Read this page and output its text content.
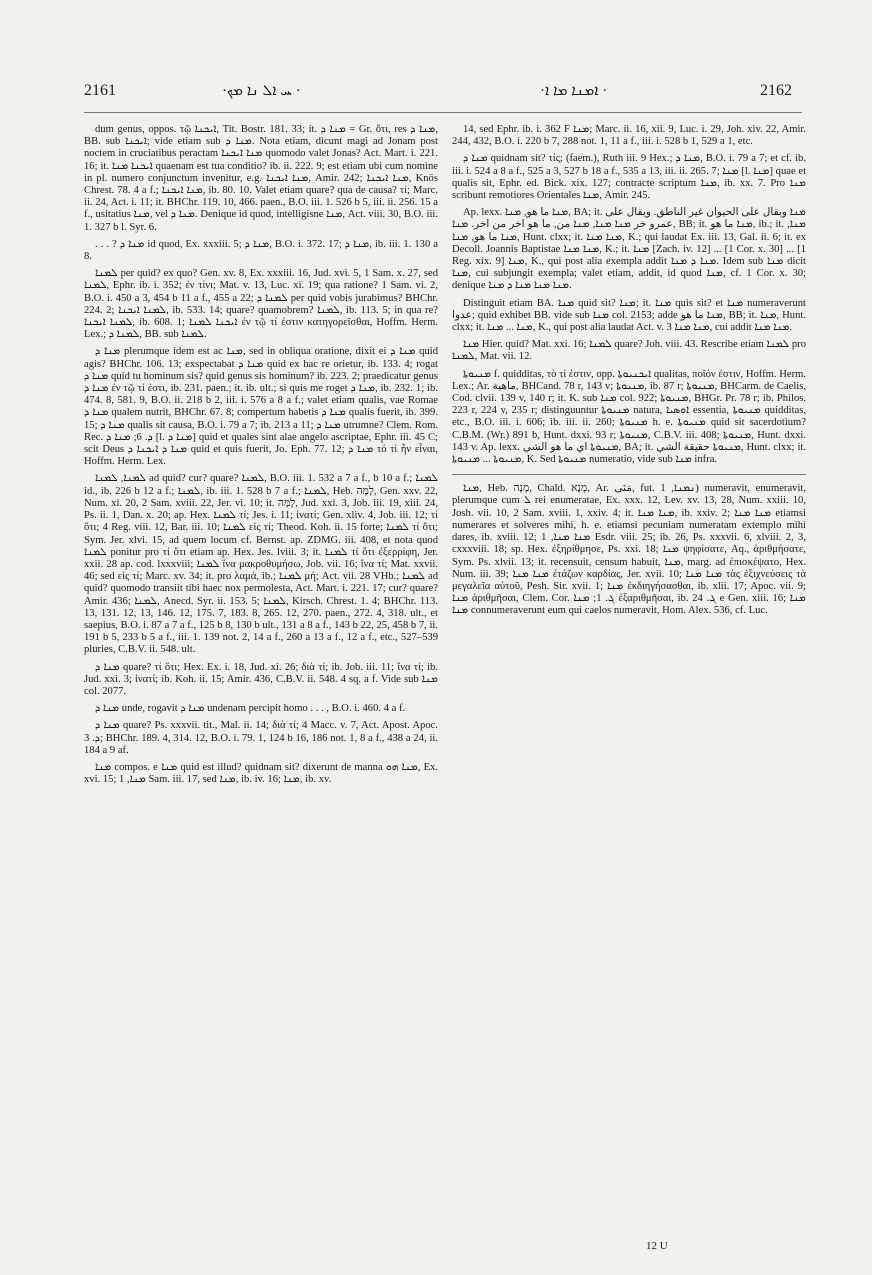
2161	·ܚ ܐܠ ܢܐ ܡܟ ·	·ܐܡܢܐ ܡܐ ܐ ·	2162

dum genus, oppos. τῷ ܐܝܟܢܐ, Tit. Bostr. 181. 33; it. ܡܢܐ ܕ = Gr. ὅτι, res ܡܢܐ ܕ, BB. sub ܐܝܟܢܐ; vide etiam sub ܡܢܐ ܕ. Nota etiam, dicunt magi ad Jonam post noctem in cruciatibus peractam ܡܢܐ ܐܝܟܢܐ quomodo valet Jonas? Act. Mart. i. 221. 16; it. ܐܝܟܢܐ ܡܢܐ quaenam est tua conditio? ib. ii. 222. 9; est etiam ubi cum nomine in pl. numero conjunctum invenitur, e.g. ܡܢܐ ܐܝܟܢܐ, Amir. 242; ܡܢܐ ܐܝܟܢܐ, Knös Chrest. 78. 4 a f.; ܡܢܐ ܐܝܟܢܐ, ib. 80. 10. Valet etiam quare? qua de causa? τί; Marc. ii. 24, Act. i. 11; it. BHChr. 119. 10, 466. paen., B.O. iii. 1. 526 b 5, iii. ii. 256. 15 a f., usitatius ܡܢܐ, vel ܡܢܐ ܕ. Denique id quod, intelligisne ܡܢܐ, Act. viii. 30, B.O. iii. 1. 327 b l. Syr. 6.

. . . ? ܡܢܐ ܕ id quod, Ex. xxxiii. 5; ܡܢܐ ܕ, B.O. i. 372. 17; ܡܢܐ ܕ, ib. iii. 1. 130 a 8.

ܠܡܢܐ per quid? ex quo? Gen. xv. 8, Ex. xxxiii. 16, Jud. xvi. 5, 1 Sam. x. 27, sed ܠܡܢܐ, Ephr. ib. i. 352; ἐν τίνι; Mat. v. 13, Luc. xi. 19; qua ratione? 1 Sam. vi. 2, B.O. i. 450 a 3, 454 b 11 a f., 455 a 22; ܠܡܢܐ ܕ per quid vobis jurabimus? BHChr. 224. 2; ܠܡܢܐ ܐܝܟܢܐ, ib. 533. 14; quare? quamobrem? ܠܡܢܐ, ib. 113. 5; in qua re? ܠܡܢܐ ܐܝܟܢܐ, ib. 608. 1; ܐܝܟܢܐ ܠܡܢܐ ἐν τῷ τί ἐστιν κατηγορεῖσθαι, Hoffm. Herm. Lex.; ܠܡܢܐ ܕ, BB. sub ܠܡܢܐ.

ܡܢܐ ܕ plerumque idem est ac ܡܢܐ, sed in obliqua oratione, dixit ei ܡܢܐ ܕ quid agis? BHChr. 106. 13; exspectabat ܡܢܐ ܕ quid ex hac re orietur, ib. 133. 4; rogat ܡܢܐ ܕ quid tu hominum sis? quid genus sis hominum? ib. 223. 2; praedicatur genus ܡܢܐ ܕ ἐν τῷ τί ἐστι, ib. 231. paen.; it. ib. ult.; si quis me roget ܡܢܐ ܕ, ib. 232. 1; ib. 474. 8, 581. 9, B.O. ii. 218 b 2, iii. i. 576 a 8 a f.; valet etiam qualis, vae Romae ܡܢܐ ܕ qualem nutrit, BHChr. 67. 8; compertum habetis ܡܢܐ ܕ qualis fuerit, ib. 399. 15; ܡܢܐ ܕ qualis sit causa, B.O. i. 79 a 7; ib. 213 a 11; ܡܢܐ ܕ utrumne? Clem. Rom. Rec. ܕ. 6; ܡܢܐ ܕ [l. ܡܢܐ ܕ] quid et quales sint alae angelo ascriptae, Ephr. iii. 45 C; scit Deus ܡܢܐ ܕ ܐܝܟܢܐ ܕ quid et quis fuerit, Jo. Eph. 77. 12; ܡܢܐ ܕ τό τί ἦν εἶναι, Hoffm. Herm. Lex.

ܠܡܢܐ, ܠܡܢܐ ad quid? cur? quare? ܠܡܢܐ, B.O. iii. 1. 532 a 7 a f., b 10 a f.; ܠܡܢܐ id., ib. 226 b 12 a f.; ܠܡܢܐ, ib. iii. 1. 528 b 7 a f.; ܠܡܢܐ, Heb. לָמָּה, Gen. xxv. 22, Num. xi. 20, 2 Sam. xviii. 22, Jer. vi. 10; it. לָמָּה, Jud. xxi. 3, Job. iii. 19, xiii. 24, Ps. ii. 1, Dan. x. 20; ap. Hex. ܠܡܢܐ τί; Jes. i. 11; ἱνατί; Gen. xliv. 4, Job. iii. 12; τί ὅτι; 4 Reg. viii. 12, Bar. iii. 10; ܠܡܢܐ εἰς τί; Theod. Koh. ii. 15 forte; ܠܡܢܐ τί ὅτι; Sym. Jer. xlvi. 15, ad quem locum cf. Bernst. ap. ZDMG. iii. 408, et nota quod ܠܡܢܐ ponitur pro τί ὅτι etiam ap. Hex. Jes. lviii. 3; it. ܠܡܢܐ τί ὅτι ἐξερρίφη, Jer. xxii. 28 ap. cod. lxxxviii; ܠܡܢܐ ἵνα μακροθυμήσω, Job. vii. 16; ἵνα τί; Mat. xxvii. 46; sed εἰς τί; Marc. xv. 34; it. pro λαμά, ib.; ܠܡܢܐ μή; Act. vii. 28 VHb.; ܠܡܢܐ ad quid? quomodo transiit tibi haec nox permolesta, Act. Mart. i. 221. 17; cur? quare? Amir. 436; ܠܡܢܐ, Anecd. Syr. ii. 153. 5; ܠܡܢܐ, Kirsch. Chrest. 1. 4; BHChr. 113. 13, 131. 12, 13, 146. 12, 175. 7, 183. 8, 265. 12, 270. paen., 272. 4, 318. ult., et saepius, B.O. i. 87 a 7 a f., 125 b 8, 130 b ult., 131 a 8 a f., 143 b 22, 25, 458 b 7, ii. 191 b 5, 233 b 5 a f., iii. 1. 139 not. 2, 14 a f., 260 a 13 a f., 12 a f., etc., 527–539 pluries, C.B.V. ii. 548. ult.

ܡܢܐ ܕ quare? τί ὅτι; Hex. Ex. i. 18, Jud. xi. 26; διὰ τί; ib. Job. iii. 11; ἵνα τί; ib. Jud. xxi. 3; ἱνατί; ib. Koh. ii. 15; Amir. 436, C.B.V. ii. 548. 4 sq. a f. Vide sub ܡܢܐ col. 2077.

ܡܢܐ ܕ unde, rogavit ܡܢܐ ܕ undenam percipit homo . . . , B.O. i. 460. 4 a f.

ܡܢܐ ܕ quare? Ps. xxxvii. tit., Mal. ii. 14; διὰ τί; 4 Macc. v. 7, Act. Apost. Apoc. ܕ. 3; BHChr. 189. 4, 314. 12, B.O. i. 79. 1, 124 b 16, 186 not. 1, 8 a f., 438 a 24, ii. 184 a 9 af.

ܡܢܐ compos. e ܡܢܐ quid est illud? quidnam sit? dixerunt de manna ܡܢܐ ܗܘ, Ex. xvi. 15; ܡܢܐ, 1 Sam. iii. 17, sed ܡܢܐ, ib. iv. 16; ܡܢܐ, ib. xv.

14, sed Ephr. ib. i. 362 F ܡܢܐ; Marc. ii. 16, xii. 9, Luc. i. 29, Joh. xiv. 22, Amir. 244, 432, B.O. i. 220 b 7, 288 not. 1, 11 a f., iii. i. 528 b 1, 529 a 1, etc.

ܡܢܐ ܕ quidnam sit? τίς; (faem.), Ruth iii. 9 Hex.; ܡܢܐ ܕ, B.O. i. 79 a 7; et cf. ib. iii. i. 524 a 8 a f., 525 a 3, 527 b 18 a f., 535 a 13, iii. ii. 265. 7; ܡܢܐ [l. ܡܢܐ] quae et qualis sit, Ephr. ed. Bick. xix. 127; contracte scriptum ܡܢܐ, ib. xx. 7. Pro ܡܢܐ scribunt remotiores Orientales ܡܢܐ, Amir. 245.

Ap. lexx. ܡܢܐ ما هو, ܡܢܐ, BA; it. ܡܢܐ وبقال على الحيوان غير الناطق. ويقال على عمرو خر ܡܢܐ ܡܢܐ, ܡܢܐ من, ما هو اخر من اخر. ܡܢܐ, BB; it. ܡܢܐ ما هو, ib.; it. ܡܢܐ, ܡܢܐ ما هو, ܡܢܐ, Hunt. clxx; it. ܡܢܐ ܡܢܐ, K.; qui laudat Ex. iii. 13, Gal. ii. 6; it. ex Decoll. Joannis Baptistae ܡܢܐ ܡܢܐ, K.; it. ܡܢܐ [Zach. iv. 12] ... [1 Cor. x. 30] ... [1 Reg. xix. 9] ܡܢܐ, K., qui post alia exempla addit ܡܢܐ ܕ ܡܢܐ. Idem sub ܡܢܐ dicit ܡܢܐ, cui subjungit exempla; valet etiam, addit, id quod ܡܢܐ, cf. 1 Cor. x. 30; denique ܡܢܐ ܡܢܐ ܡܢܐ ܕ ܡܢܐ.

Distinguit etiam BA. ܡܢܐ quid sit? ܡܢܐ; it. ܡܢܐ quis sit? et ܡܢܐ numeraverunt عدوا; quid exhibet BB. vide sub ܡܢܐ col. 2153; adde ܡܢܐ ما هو, BB; it. ܡܢܐ, Hunt. clxx; it. ܡܢܐ ... ܡܢܐ, K., qui post alia laudat Act. v. 3 ܡܢܐ ܡܢܐ, cui addit ܡܢܐ ܡܢܐ.

ܡܢܐ Hier. quid? Mat. xxi. 16; ܠܡܢܐ quare? Joh. viii. 43. Rescribe etiam ܠܡܢܐ pro ܠܡܢܐ, Mat. vii. 12.

ܡܢܝܘܬܐ f. quidditas, τὸ τί ἐστιν, opp. ܐܝܟܢܝܘܬܐ qualitas, ποῖόν ἐστιν, Hoffm. Herm. Lex.; Ar. ماهية, BHCand. 78 r, 143 v; ܡܢܝܘܬܐ, ib. 87 r; ܡܢܝܘܬܐ, BHCarm. de Caelis, Cod. clvii. 139 v, 140 r; it. K. sub ܡܢܐ col. 922; ܡܢܝܘܬܐ, BHGr. Pr. 78 r; ib. Philos. 223 r, 224 v, 235 r; distinguuntur ܡܢܝܘܬܐ natura, ܐܘܣܝܐ essentia, ܡܢܝܘܬܐ quidditas, etc., B.O. iii. i. 606; ib. iii. ii. 260; ܡܢܝܘܬܐ h. e. ܡܢܝܘܬܐ quid sit sacerdotium? C.B.M. (Wr.) 891 b, Hunt. dxxi. 93 r; ܡܢܝܘܬܐ, C.B.V. iii. 408; ܡܢܝܘܬܐ, Hunt. dxxi. 143 v. Ap. lexx. ܡܢܝܘܬܐ اي ما هو الشي, BA; it. ܡܢܝܘܬܐ حقيقة الشي, Hunt. clxx; it. ܡܢܝܘܬܐ ... ܡܢܝܘܬܐ, K. Sed ܡܢܝܘܬܐ numeratio, vide sub ܡܢܐ infra.

ܡܢܐ, Heb. מָנָה, Chald. מְנָא, Ar. مَنَى, fut. ܢܡܢܐ, 1) numeravit, enumeravit, plerumque cum ܠ rei enumeratae, Ex. xxx. 12, Lev. xv. 13, 28, Num. xxiii. 10, Josh. vii. 10, 2 Sam. xviii. 1, xxiv. 4; it. ܡܢܐ ܡܢܐ, ib. xxiv. 2; ܡܢܐ ܡܢܐ etiamsi numerares et solveres mihi, h. e. etiamsi pecuniam numeratam extemplo mihi dares, ib. xviii. 12; ܡܢܐ ܡܢܐ, 1 Esdr. viii. 25; ib. 26, Ps. xxxvii. 6, xlviii. 2, 3, cxxxviii. 18; sp. Hex. ἐξηρίθμησε, Ps. xxi. 18; ܡܢܐ ψηφίσατε, Aq., ἀριθμήσατε, Sym. Ps. xlvii. 13; it. recensuit, censum habuit, ܡܢܐ, marg. ad ἐπισκέψατο, Hex. Num. iii. 39; ܡܢܐ ܡܢܐ ἐτάζων καρδίας, Jer. xvii. 10; ܡܢܐ ܡܢܐ τὰς ἐξιχνεύσεις τὰ μεγαλεῖα αὐτοῦ, Pesh. Sir. xvii. 1; ܡܢܐ ἐκδιηγήσασθαι, ib. xlii. 17; Apoc. vii. 9; ܡܢܐ ἀριθμῆσαι, Clem. Cor. ܓ. 1; ܡܢܐ ἐξαριθμῆσαι, ib. ܓ. 24 e Gen. xiii. 16; ܡܢܐ ܡܢܐ connumeraverunt eum qui caelos numeravit, Hom. Alex. 536, cf. Luc.

12 U
